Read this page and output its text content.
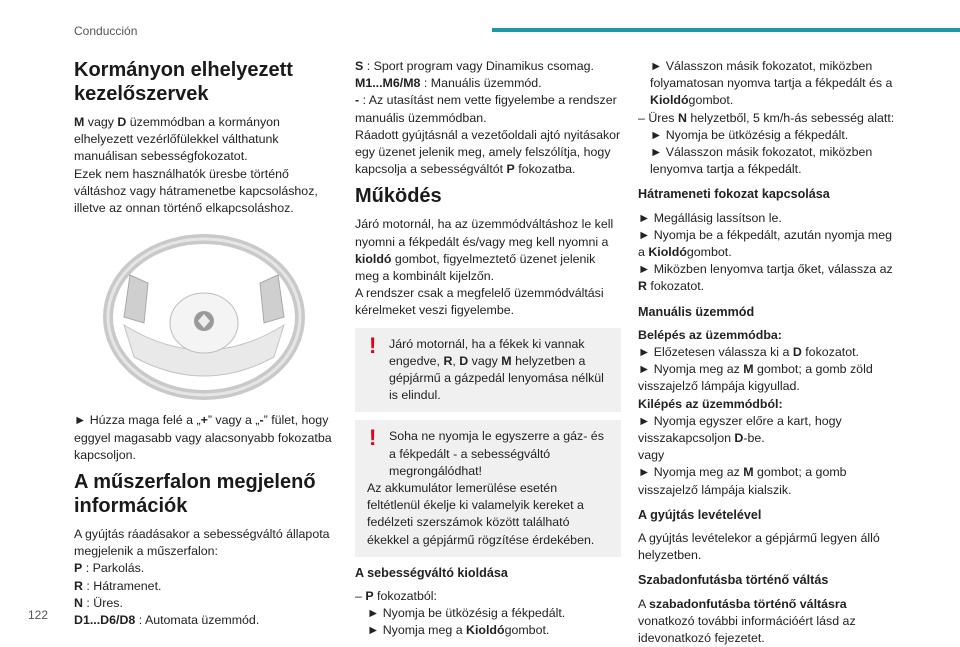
Conducción
Kormányon elhelyezett kezelőszervek

M vagy D üzemmódban a kormányon elhelyezett vezérlőfülekkel válthatunk manuálisan sebességfokozatot.

Ezek nem használhatók üresbe történő váltáshoz vagy hátramenetbe kapcsoláshoz, illetve az onnan történő elkapcsoláshoz.

► Húzza maga felé a „+” vagy a „-” fület, hogy eggyel magasabb vagy alacsonyabb fokozatba kapcsoljon.

A műszerfalon megjelenő információk

A gyújtás ráadásakor a sebességváltó állapota megjelenik a műszerfalon:

P : Parkolás.

R : Hátramenet.

N : Üres.

D1...D6/D8 : Automata üzemmód.

S : Sport program vagy Dinamikus csomag.

M1...M6/M8 : Manuális üzemmód.

- : Az utasítást nem vette figyelembe a rendszer manuális üzemmódban.

Ráadott gyújtásnál a vezetőoldali ajtó nyitásakor egy üzenet jelenik meg, amely felszólítja, hogy kapcsolja a sebességváltót P fokozatba.

Működés

Járó motornál, ha az üzemmódváltáshoz le kell nyomni a fékpedált és/vagy meg kell nyomni a kioldó gombot, figyelmeztető üzenet jelenik meg a kombinált kijelzőn.

A rendszer csak a megfelelő üzemmódváltási kérelmeket veszi figyelembe.

!	Járó motornál, ha a fékek ki vannak engedve, R, D vagy M helyzetben a gépjármű a gázpedál lenyomása nélkül is elindul.

!	Soha ne nyomja le egyszerre a gáz- és a fékpedált - a sebességváltó megrongálódhat!

Az akkumulátor lemerülése esetén feltétlenül ékelje ki valamelyik kereket a fedélzeti szerszámok között található ékekkel a gépjármű rögzítése érdekében.

A sebességváltó kioldása

– P fokozatból:

► Nyomja be ütközésig a fékpedált.

► Nyomja meg a Kioldógombot.

► Válasszon másik fokozatot, miközben folyamatosan nyomva tartja a fékpedált és a Kioldógombot.

– Üres N helyzetből, 5 km/h-ás sebesség alatt:

► Nyomja be ütközésig a fékpedált.

► Válasszon másik fokozatot, miközben lenyomva tartja a fékpedált.

Hátrameneti fokozat kapcsolása

► Megállásig lassítson le.

► Nyomja be a fékpedált, azután nyomja meg a Kioldógombot.

► Miközben lenyomva tartja őket, válassza az R fokozatot.

Manuális üzemmód

Belépés az üzemmódba:

► Előzetesen válassza ki a D fokozatot.

► Nyomja meg az M gombot; a gomb zöld visszajelző lámpája kigyullad.

Kilépés az üzemmódból:

► Nyomja egyszer előre a kart, hogy visszakapcsoljon D-be.

vagy

► Nyomja meg az M gombot; a gomb visszajelző lámpája kialszik.

A gyújtás levételével

A gyújtás levételekor a gépjármű legyen álló helyzetben.

Szabadonfutásba történő váltás

A szabadonfutásba történő váltásra vonatkozó további információért lásd az idevonatkozó fejezetet.

122
